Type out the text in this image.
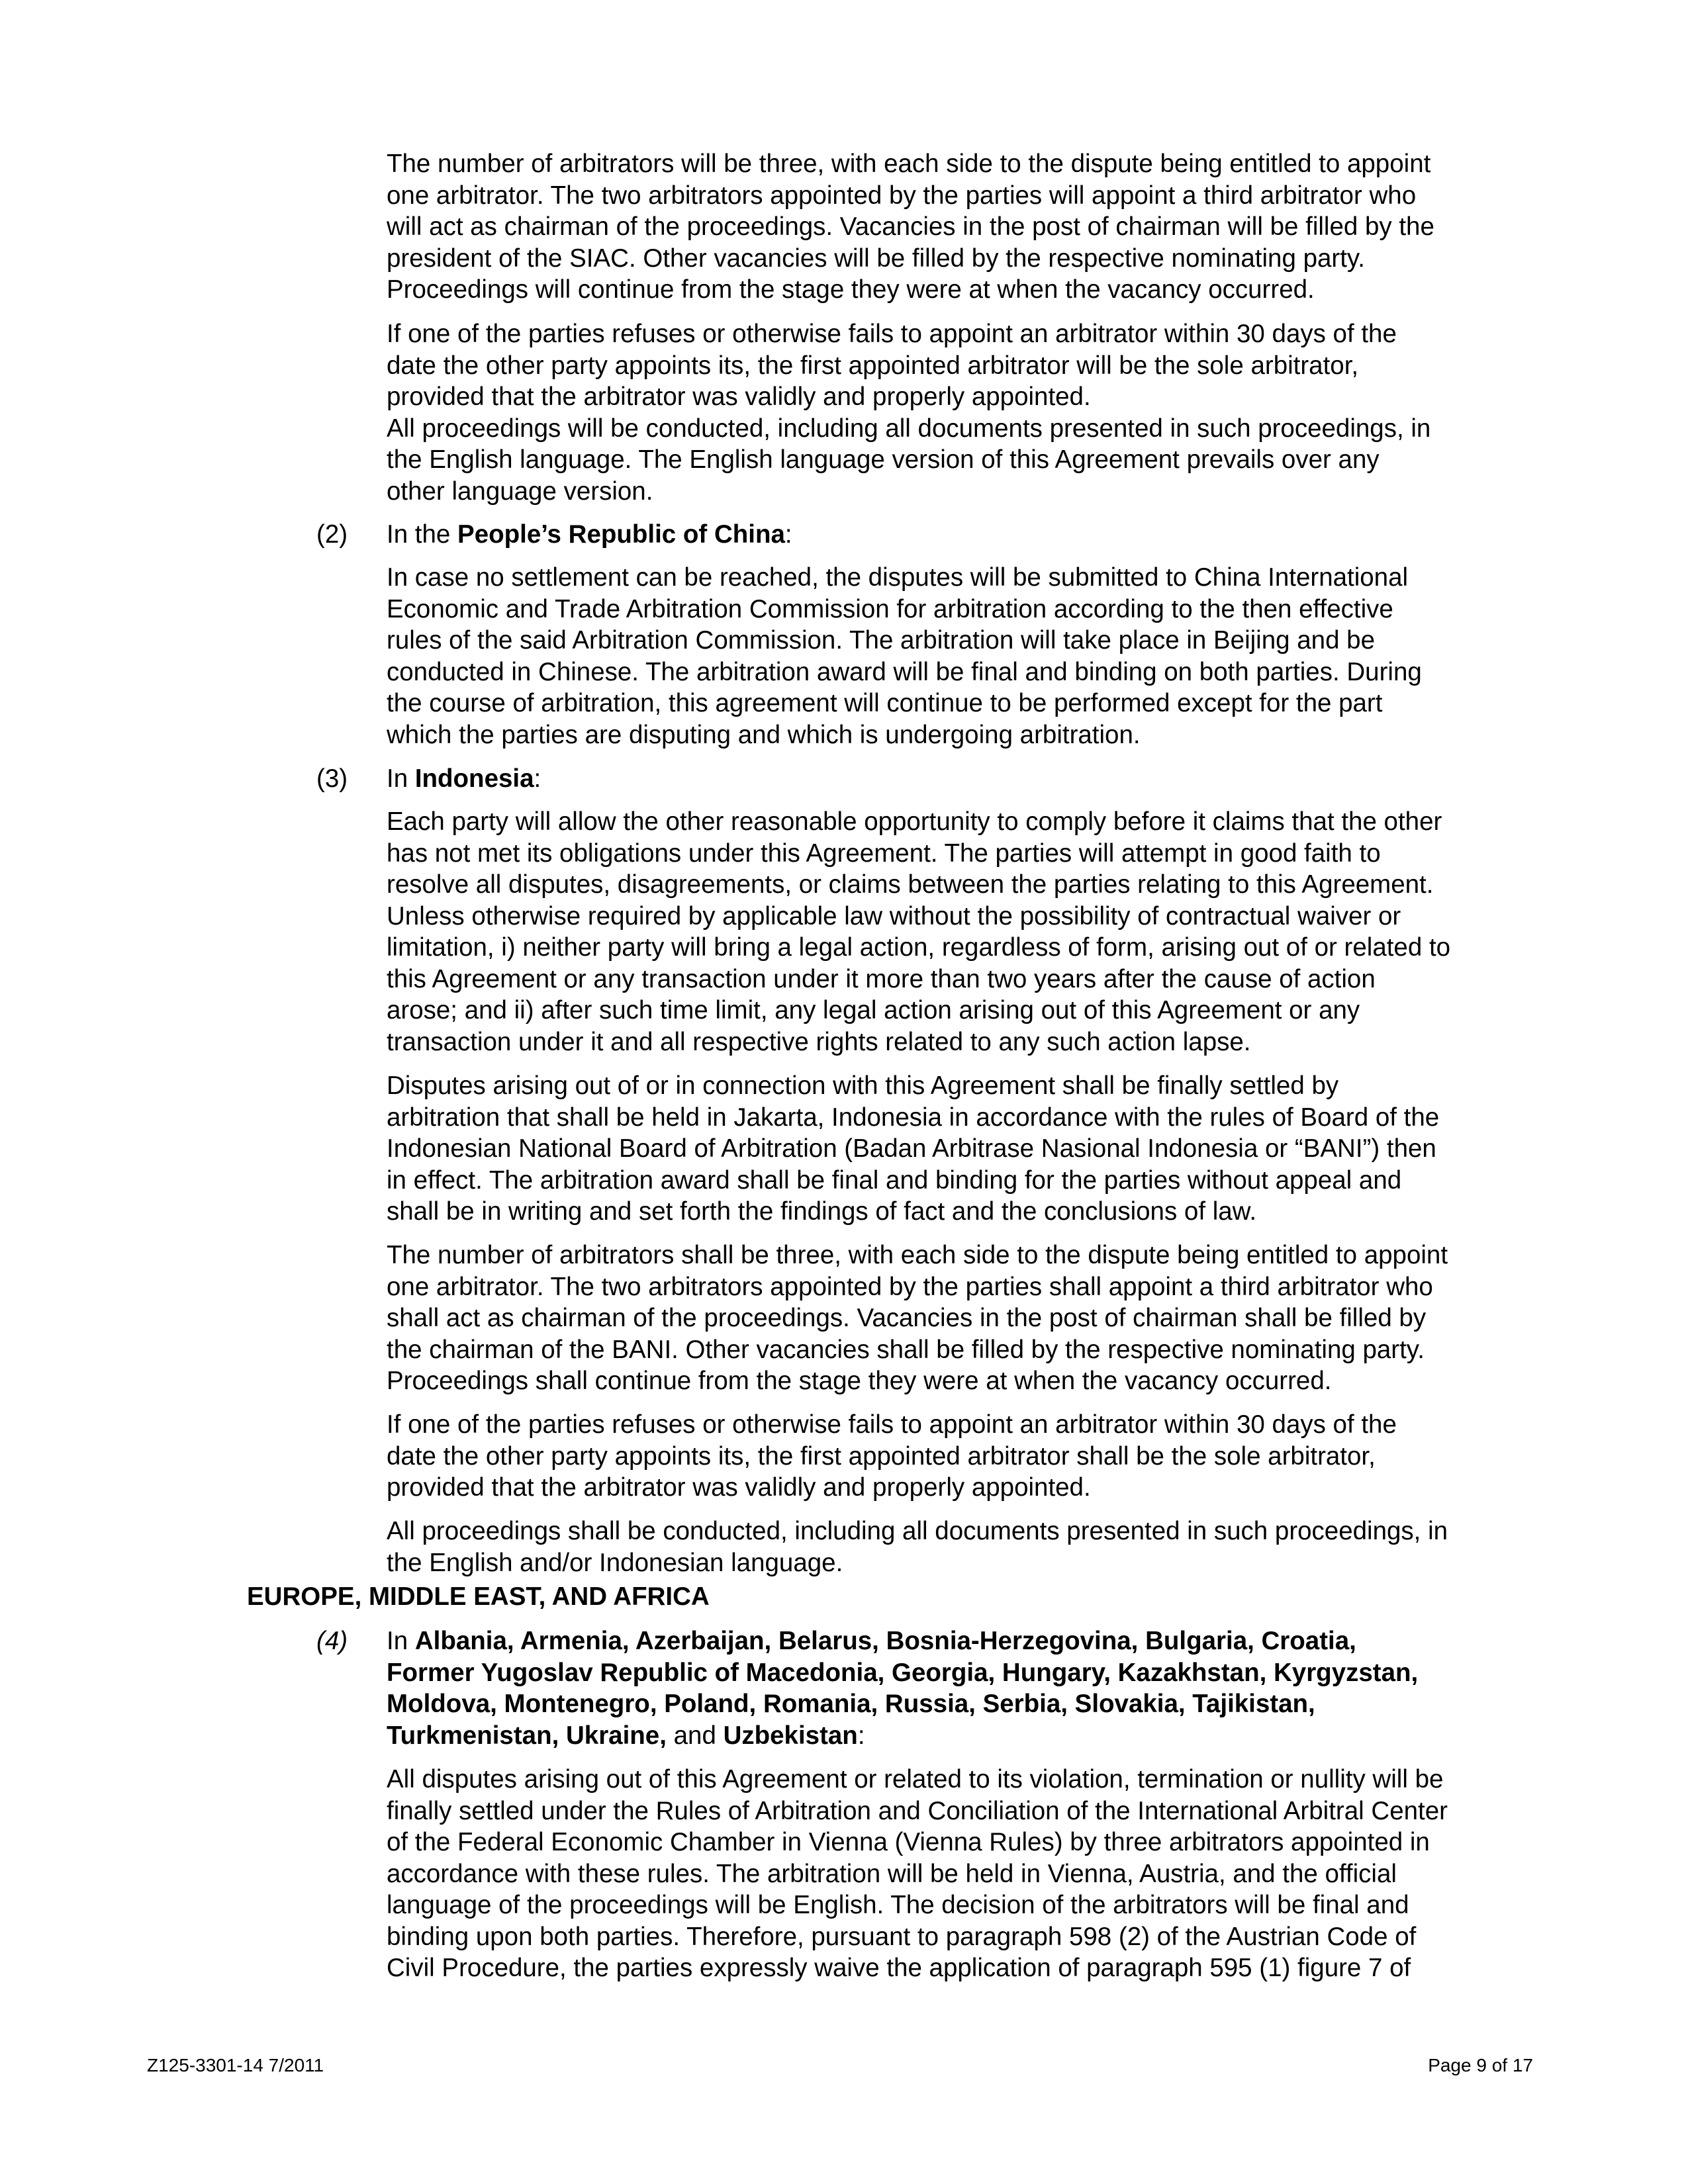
The number of arbitrators will be three, with each side to the dispute being entitled to appoint
one arbitrator. The two arbitrators appointed by the parties will appoint a third arbitrator who
will act as chairman of the proceedings. Vacancies in the post of chairman will be filled by the
president of the SIAC. Other vacancies will be filled by the respective nominating party.
Proceedings will continue from the stage they were at when the vacancy occurred.
If one of the parties refuses or otherwise fails to appoint an arbitrator within 30 days of the
date the other party appoints its, the first appointed arbitrator will be the sole arbitrator,
provided that the arbitrator was validly and properly appointed.
All proceedings will be conducted, including all documents presented in such proceedings, in
the English language. The English language version of this Agreement prevails over any
other language version.
(2) In the People’s Republic of China:
In case no settlement can be reached, the disputes will be submitted to China International
Economic and Trade Arbitration Commission for arbitration according to the then effective
rules of the said Arbitration Commission. The arbitration will take place in Beijing and be
conducted in Chinese. The arbitration award will be final and binding on both parties. During
the course of arbitration, this agreement will continue to be performed except for the part
which the parties are disputing and which is undergoing arbitration.
(3) In Indonesia:
Each party will allow the other reasonable opportunity to comply before it claims that the other
has not met its obligations under this Agreement. The parties will attempt in good faith to
resolve all disputes, disagreements, or claims between the parties relating to this Agreement.
Unless otherwise required by applicable law without the possibility of contractual waiver or
limitation, i) neither party will bring a legal action, regardless of form, arising out of or related to
this Agreement or any transaction under it more than two years after the cause of action
arose; and ii) after such time limit, any legal action arising out of this Agreement or any
transaction under it and all respective rights related to any such action lapse.
Disputes arising out of or in connection with this Agreement shall be finally settled by
arbitration that shall be held in Jakarta, Indonesia in accordance with the rules of Board of the
Indonesian National Board of Arbitration (Badan Arbitrase Nasional Indonesia or “BANI”) then
in effect. The arbitration award shall be final and binding for the parties without appeal and
shall be in writing and set forth the findings of fact and the conclusions of law.
The number of arbitrators shall be three, with each side to the dispute being entitled to appoint
one arbitrator. The two arbitrators appointed by the parties shall appoint a third arbitrator who
shall act as chairman of the proceedings. Vacancies in the post of chairman shall be filled by
the chairman of the BANI. Other vacancies shall be filled by the respective nominating party.
Proceedings shall continue from the stage they were at when the vacancy occurred.
If one of the parties refuses or otherwise fails to appoint an arbitrator within 30 days of the
date the other party appoints its, the first appointed arbitrator shall be the sole arbitrator,
provided that the arbitrator was validly and properly appointed.
All proceedings shall be conducted, including all documents presented in such proceedings, in
the English and/or Indonesian language.
EUROPE, MIDDLE EAST, AND AFRICA
(4) In Albania, Armenia, Azerbaijan, Belarus, Bosnia-Herzegovina, Bulgaria, Croatia,
Former Yugoslav Republic of Macedonia, Georgia, Hungary, Kazakhstan, Kyrgyzstan,
Moldova, Montenegro, Poland, Romania, Russia, Serbia, Slovakia, Tajikistan,
Turkmenistan, Ukraine, and Uzbekistan:
All disputes arising out of this Agreement or related to its violation, termination or nullity will be
finally settled under the Rules of Arbitration and Conciliation of the International Arbitral Center
of the Federal Economic Chamber in Vienna (Vienna Rules) by three arbitrators appointed in
accordance with these rules. The arbitration will be held in Vienna, Austria, and the official
language of the proceedings will be English. The decision of the arbitrators will be final and
binding upon both parties. Therefore, pursuant to paragraph 598 (2) of the Austrian Code of
Civil Procedure, the parties expressly waive the application of paragraph 595 (1) figure 7 of
Z125-3301-14 7/2011	Page 9 of 17
